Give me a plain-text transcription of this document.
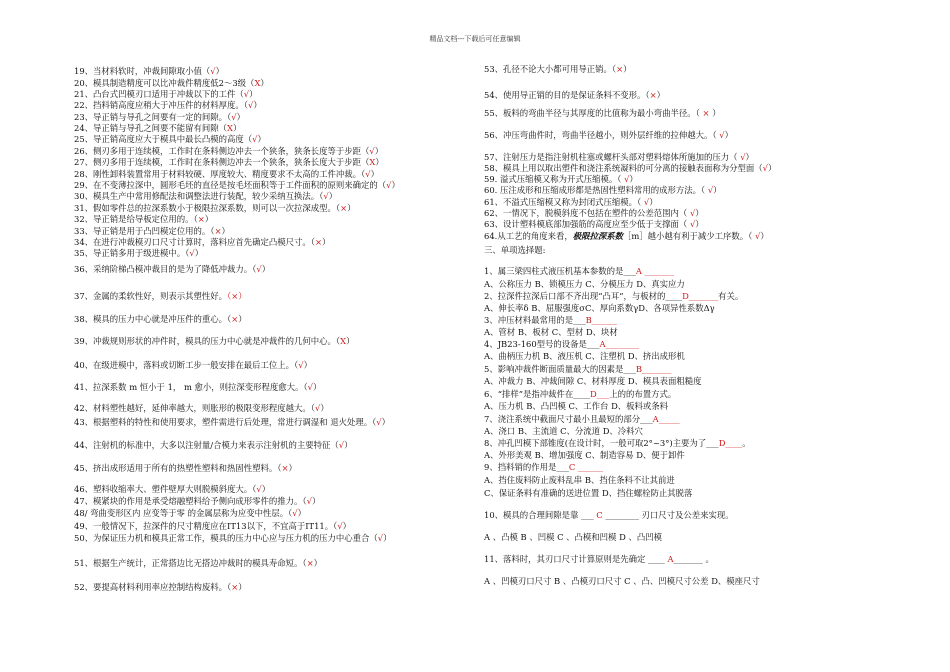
精品文档---下载后可任意编辑
19、当材料软时，冲裁间隙取小值（√）
20、模具制造精度可以比冲裁件精度低2～3级（X）
21、凸台式凹模刃口适用于冲裁以下的工件（√）
22、挡料销高度应稍大于冲压件的材料厚度。（√）
23、导正销与导孔之间要有一定的间隙。（√）
24、导正销与导孔之间要不能留有间隙（X）
25、导正销高度应大于模具中最长凸模的高度（√）
26、侧刃多用于连续模，工作时在条料侧边冲去一个狭条，狭条长度等于步距（√）
27、侧刃多用于连续模，工作时在条料侧边冲去一个狭条，狭条长度大于步距（X）
28、刚性卸料装置常用于材料较硬、厚度较大、精度要求不太高的工件冲裁。（√）
29、在不变薄拉深中，圆形毛坯的直径是按毛坯面积等于工件面积的原则来确定的（√）
30、模具生产中常用修配法和调整法进行装配，较少采纳互换法。（√）
31、假如零件总的拉深系数小于极限拉深系数，则可以一次拉深成型。（×）
32、导正销是给导板定位用的。（×）
33、导正销是用于凸凹模定位用的。（×）
34、在进行冲裁模刃口尺寸计算时，落料应首先确定凸模尺寸。（×）
35、导正销多用于级进模中。（√）
36、采纳阶梯凸模冲裁目的是为了降低冲裁力。（√）
37、金属的柔软性好，则表示其塑性好。（×）
38、模具的压力中心就是冲压件的重心。（×）
39、冲裁规则形状的冲件时，模具的压力中心就是冲裁件的几何中心。（X）
40、在级进模中，落料或切断工步一般安排在最后工位上。（√）
41、拉深系数 m 恒小于 1， m 愈小，则拉深变形程度愈大。（√）
42、材料塑性越好，延伸率越大，则胀形的极限变形程度越大。（√）
43、根据塑料的特性和使用要求，塑件需进行后处理，常进行调湿和 退火处理。（√）
44、注射机的标准中，大多以注射量/合模力来表示注射机的主要特征（√）
45、挤出成形适用于所有的热塑性塑料和热固性塑料。（×）
46、塑料收缩率大、塑件壁厚大则脱模斜度大。（√）
47、模紧块的作用是承受熔融塑料给予侧向成形零件的推力。（√）
48/ 弯曲变形区内 应变等于零 的金属层称为应变中性层。（√）
49、一般情况下，拉深件的尺寸精度应在IT13以下，不宜高于IT11。（√）
50、为保证压力机和模具正常工作，模具的压力中心应与压力机的压力中心重合（√）
51、根据生产统计，正常搭边比无搭边冲裁时的模具寿命短。（×）
52、要提高材料利用率应控制结构废料。（×）
53、孔径不论大小都可用导正销。（×）
54、使用导正销的目的是保证条料不变形。（×）
55、板料的弯曲半径与其厚度的比值称为最小弯曲半径。（ × ）
56、冲压弯曲件时，弯曲半径越小，则外层纤维的拉伸越大。（ √）
57、注射压力是指注射机柱塞或螺杆头部对塑料熔体所施加的压力（ √）
58、模具上用以取出塑件和浇注系统凝料的可分离的接触表面称为分型面（√）
59. 溢式压缩模又称为开式压缩模。（ √）
60. 压注成形和压缩成形都是热固性塑料常用的成形方法。（ √）
61、不溢式压缩模又称为封闭式压缩模。（ √）
62、一情况下，脱模斜度不包括在塑件的公差范围内（ √）
63、设计塑料模底部加强筋的高度应至少低于支撑面（ √）
64.从工艺的角度来看，极限拉深系数［m］越小越有利于减少工序数。（ √）
三、单项选择题:
1、属三梁四柱式液压机基本参数的是___A _______
A、公称压力 B、锁模压力 C、分模压力 D、真实应力
2、拉深件拉深后口部不齐出现“凸耳”，与板材的____D_______有关。
A、伸长率δ B、屈服强度σC、厚向系数γD、各项异性系数Δγ
3、冲压材料最常用的是___B______
A、管材 B、板材 C、型材 D、块材
4、JB23-160型号的设备是___A________
A、曲柄压力机 B、液压机 C、注塑机 D、挤出成形机
5、影响冲裁件断面质量最大的因素是___B_______
A、冲裁力 B、冲裁间隙 C、材料厚度 D、模具表面粗糙度
6、“排样”是指冲裁件在____D___上的的布置方式。
A、压力机 B、凸凹模 C、工作台 D、板料或条料
7、浇注系统中截面尺寸最小且最短的部分___A_____
A、浇口 B、主流道 C、分流道 D、冷料穴
8、冲孔凹模下部锥度(在设计时，一般可取2°~3°)主要为了___D____。
A、外形美观 B、增加强度 C、制造容易 D、便于卸件
9、挡料销的作用是___C ______
A、挡住废料防止废料乱串 B、挡住条料不让其前进
C、保证条料有准确的送进位置 D、挡住螺栓防止其脱落
10、模具的合理间隙是靠 ___ C ________ 刃口尺寸及公差来实现。
A 、凸模 B 、凹模 C 、凸模和凹模 D 、凸凹模
11、落料时，其刃口尺寸计算原则是先确定 ____ A_______ 。
A 、凹模刃口尺寸 B 、凸模刃口尺寸 C 、凸、凹模尺寸公差 D、模座尺寸
